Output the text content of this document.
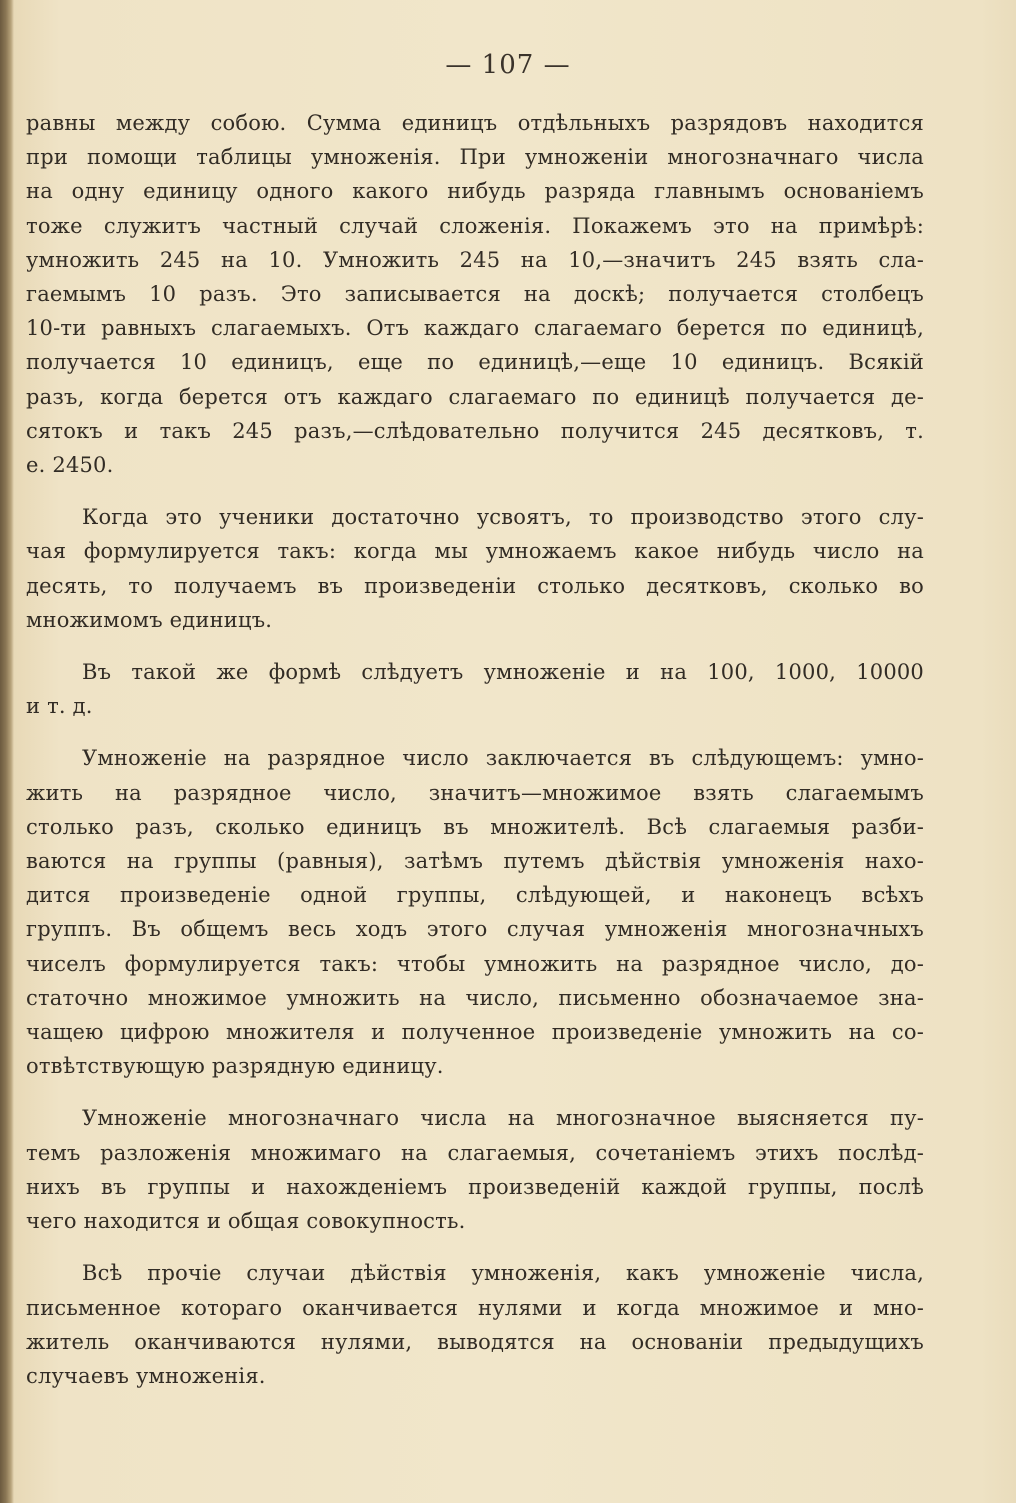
— 107 —
равны между собою. Сумма единицъ отдѣльныхъ разрядовъ находится
при помощи таблицы умноженія. При умноженіи многозначнаго числа
на одну единицу одного какого нибудь разряда главнымъ основаніемъ
тоже служитъ частный случай сложенія. Покажемъ это на примѣрѣ:
умножить 245 на 10. Умножить 245 на 10,—значитъ 245 взять сла-
гаемымъ 10 разъ. Это записывается на доскѣ; получается столбецъ
10-ти равныхъ слагаемыхъ. Отъ каждаго слагаемаго берется по единицѣ,
получается 10 единицъ, еще по единицѣ,—еще 10 единицъ. Всякій
разъ, когда берется отъ каждаго слагаемаго по единицѣ получается де-
сятокъ и такъ 245 разъ,—слѣдовательно получится 245 десятковъ, т.
е. 2450.
Когда это ученики достаточно усвоятъ, то производство этого слу-
чая формулируется такъ: когда мы умножаемъ какое нибудь число на
десять, то получаемъ въ произведеніи столько десятковъ, сколько во
множимомъ единицъ.
Въ такой же формѣ слѣдуетъ умноженіе и на 100, 1000, 10000
и т. д.
Умноженіе на разрядное число заключается въ слѣдующемъ: умно-
жить на разрядное число, значитъ—множимое взять слагаемымъ
столько разъ, сколько единицъ въ множителѣ. Всѣ слагаемыя разби-
ваются на группы (равныя), затѣмъ путемъ дѣйствія умноженія нахо-
дится произведеніе одной группы, слѣдующей, и наконецъ всѣхъ
группъ. Въ общемъ весь ходъ этого случая умноженія многозначныхъ
чиселъ формулируется такъ: чтобы умножить на разрядное число, до-
статочно множимое умножить на число, письменно обозначаемое зна-
чащею цифрою множителя и полученное произведеніе умножить на со-
отвѣтствующую разрядную единицу.
Умноженіе многозначнаго числа на многозначное выясняется пу-
темъ разложенія множимаго на слагаемыя, сочетаніемъ этихъ послѣд-
нихъ въ группы и нахожденіемъ произведеній каждой группы, послѣ
чего находится и общая совокупность.
Всѣ прочіе случаи дѣйствія умноженія, какъ умноженіе числа,
письменное котораго оканчивается нулями и когда множимое и мно-
житель оканчиваются нулями, выводятся на основаніи предыдущихъ
случаевъ умноженія.
